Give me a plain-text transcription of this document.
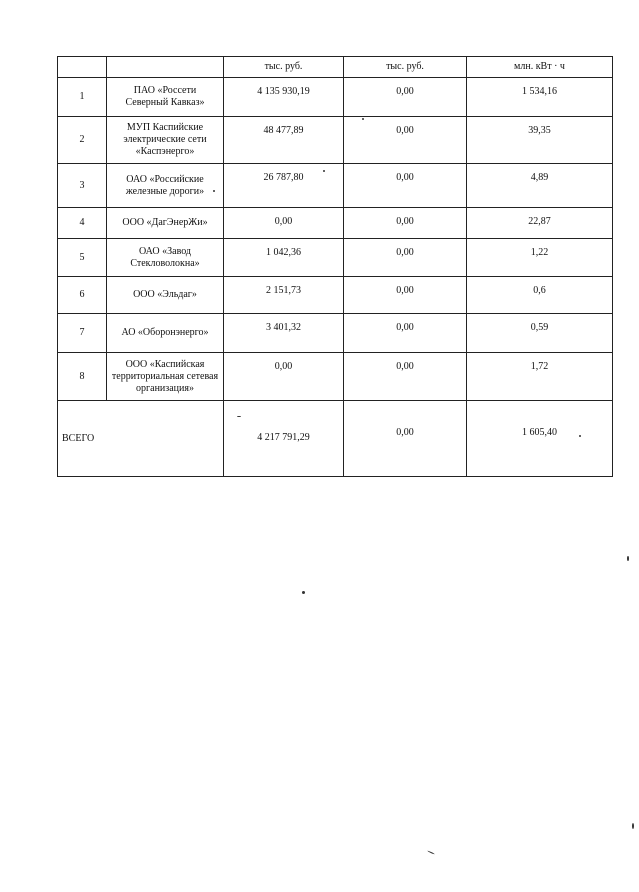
		тыс. руб.	тыс. руб.	млн. кВт · ч
1	ПАО «Россети
Северный Кавказ»	4 135 930,19	0,00	1 534,16
2	МУП Каспийские
электрические сети
«Каспэнерго»	48 477,89	0,00	39,35
3	ОАО «Российские
железные дороги»	26 787,80	0,00	4,89
4	ООО «ДагЭнерЖи»	0,00	0,00	22,87
5	ОАО «Завод
Стекловолокна»	1 042,36	0,00	1,22
6	ООО «Эльдаг»	2 151,73	0,00	0,6
7	АО «Оборонэнерго»	3 401,32	0,00	0,59
8	ООО «Каспийская
территориальная сетевая
организация»	0,00	0,00	1,72
ВСЕГО		4 217 791,29	0,00	1 605,40
